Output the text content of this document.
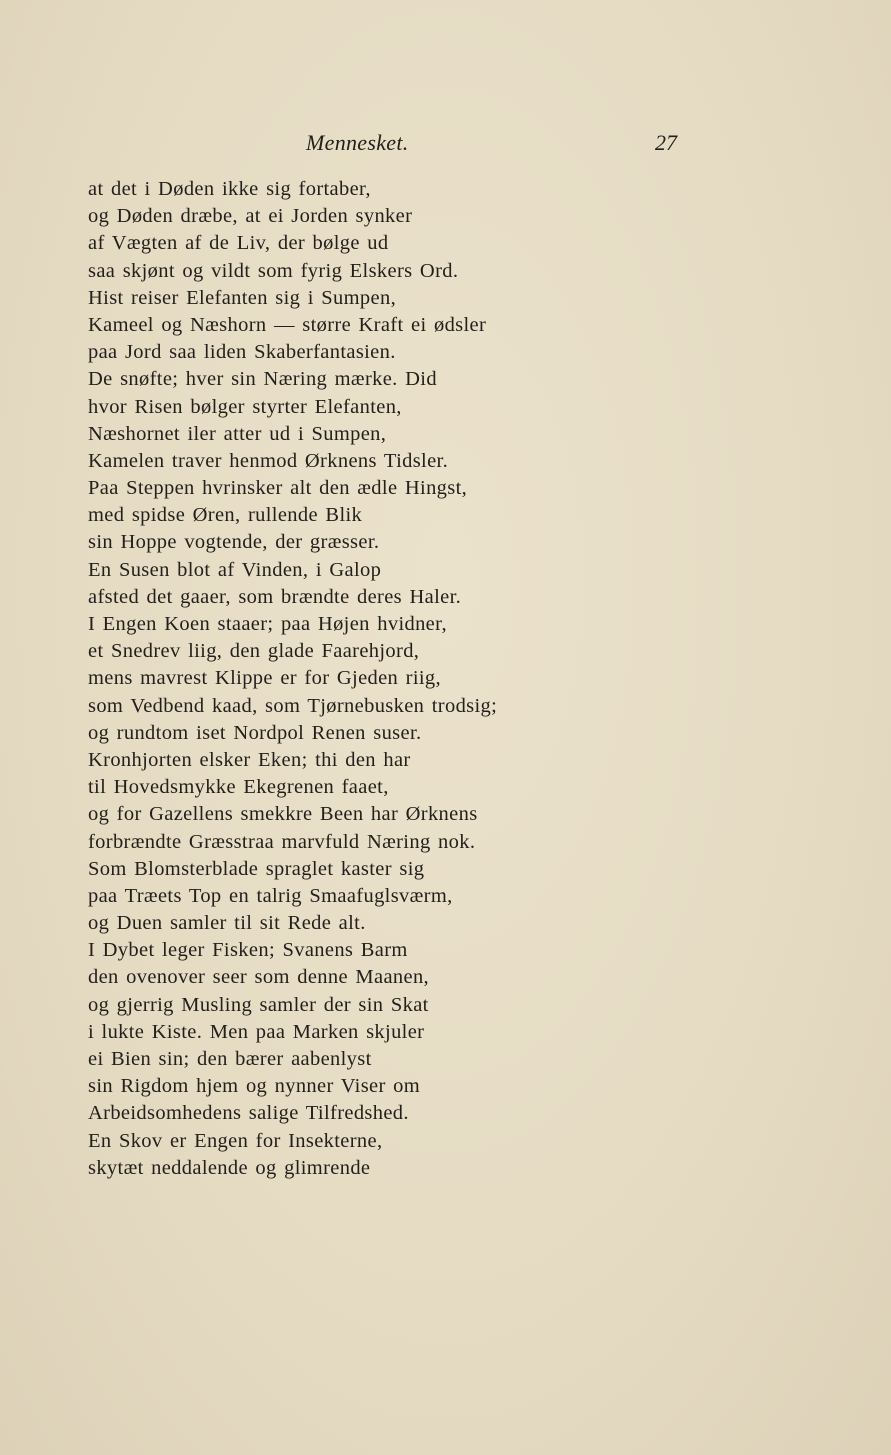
Mennesket.	27
at det i Døden ikke sig fortaber,
og Døden dræbe, at ei Jorden synker
af Vægten af de Liv, der bølge ud
saa skjønt og vildt som fyrig Elskers Ord.
Hist reiser Elefanten sig i Sumpen,
Kameel og Næshorn — større Kraft ei ødsler
paa Jord saa liden Skaberfantasien.
De snøfte; hver sin Næring mærke. Did
hvor Risen bølger styrter Elefanten,
Næshornet iler atter ud i Sumpen,
Kamelen traver henmod Ørknens Tidsler.
Paa Steppen hvrinsker alt den ædle Hingst,
med spidse Øren, rullende Blik
sin Hoppe vogtende, der græsser.
En Susen blot af Vinden, i Galop
afsted det gaaer, som brændte deres Haler.
I Engen Koen staaer; paa Højen hvidner,
et Snedrev liig, den glade Faarehjord,
mens mavrest Klippe er for Gjeden riig,
som Vedbend kaad, som Tjørnebusken trodsig;
og rundtom iset Nordpol Renen suser.
Kronhjorten elsker Eken; thi den har
til Hovedsmykke Ekegrenen faaet,
og for Gazellens smekkre Been har Ørknens
forbrændte Græsstraa marvfuld Næring nok.
Som Blomsterblade spraglet kaster sig
paa Træets Top en talrig Smaafuglsværm,
og Duen samler til sit Rede alt.
I Dybet leger Fisken; Svanens Barm
den ovenover seer som denne Maanen,
og gjerrig Musling samler der sin Skat
i lukte Kiste. Men paa Marken skjuler
ei Bien sin; den bærer aabenlyst
sin Rigdom hjem og nynner Viser om
Arbeidsomhedens salige Tilfredshed.
En Skov er Engen for Insekterne,
skytæt neddalende og glimrende
